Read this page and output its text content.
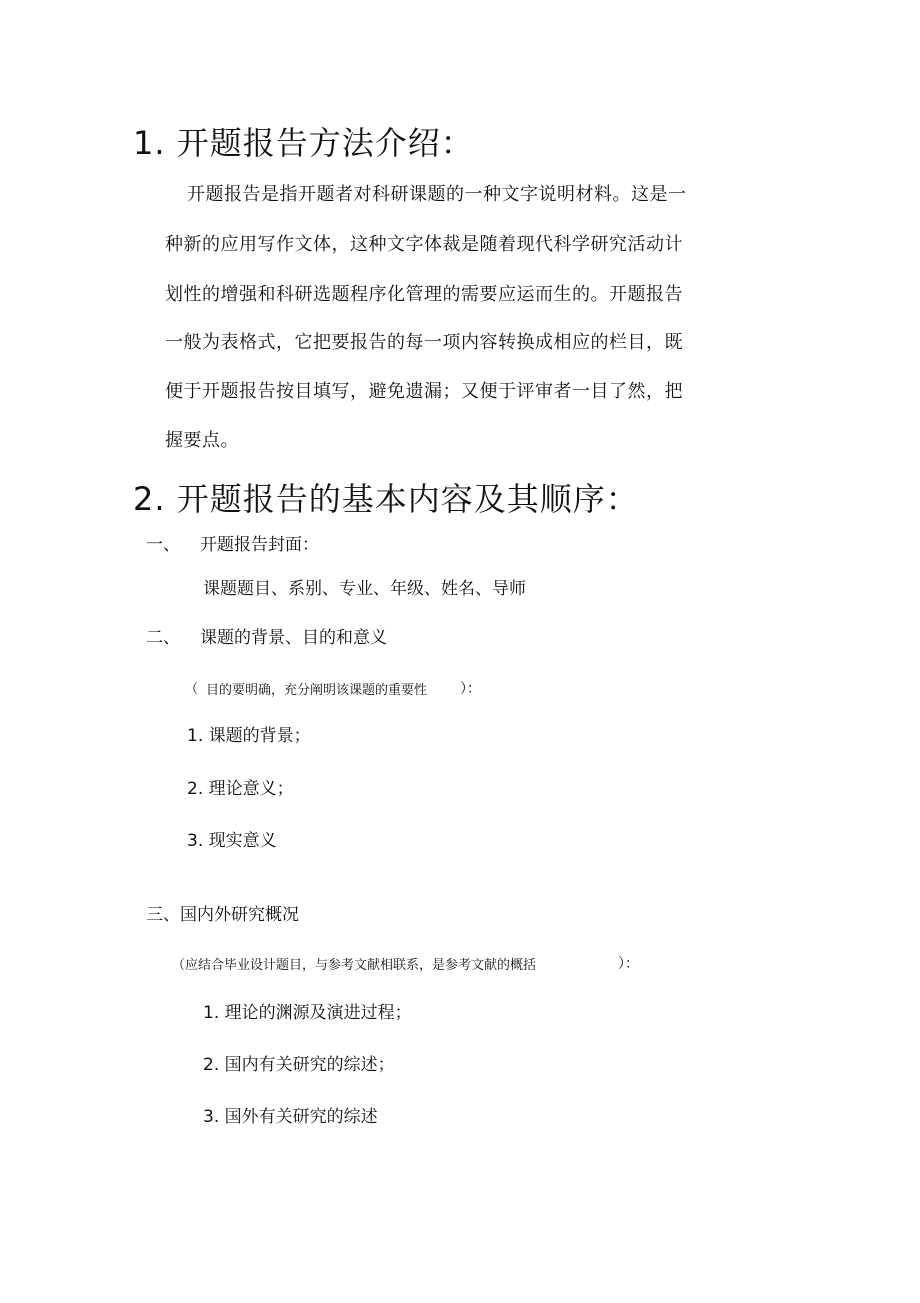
1. 开题报告方法介绍：
开题报告是指开题者对科研课题的一种文字说明材料。这是一
种新的应用写作文体，这种文字体裁是随着现代科学研究活动计
划性的增强和科研选题程序化管理的需要应运而生的。开题报告
一般为表格式，它把要报告的每一项内容转换成相应的栏目，既
便于开题报告按目填写，避免遗漏；又便于评审者一目了然，把
握要点。
2. 开题报告的基本内容及其顺序：
一、 开题报告封面：
课题题目、系别、专业、年级、姓名、导师
二、 课题的背景、目的和意义
（ 目的要明确，充分阐明该课题的重要性 ）：
1. 课题的背景；
2. 理论意义；
3. 现实意义
三、国内外研究概况
（应结合毕业设计题目，与参考文献相联系，是参考文献的概括	）：
1. 理论的渊源及演进过程；
2. 国内有关研究的综述；
3. 国外有关研究的综述
